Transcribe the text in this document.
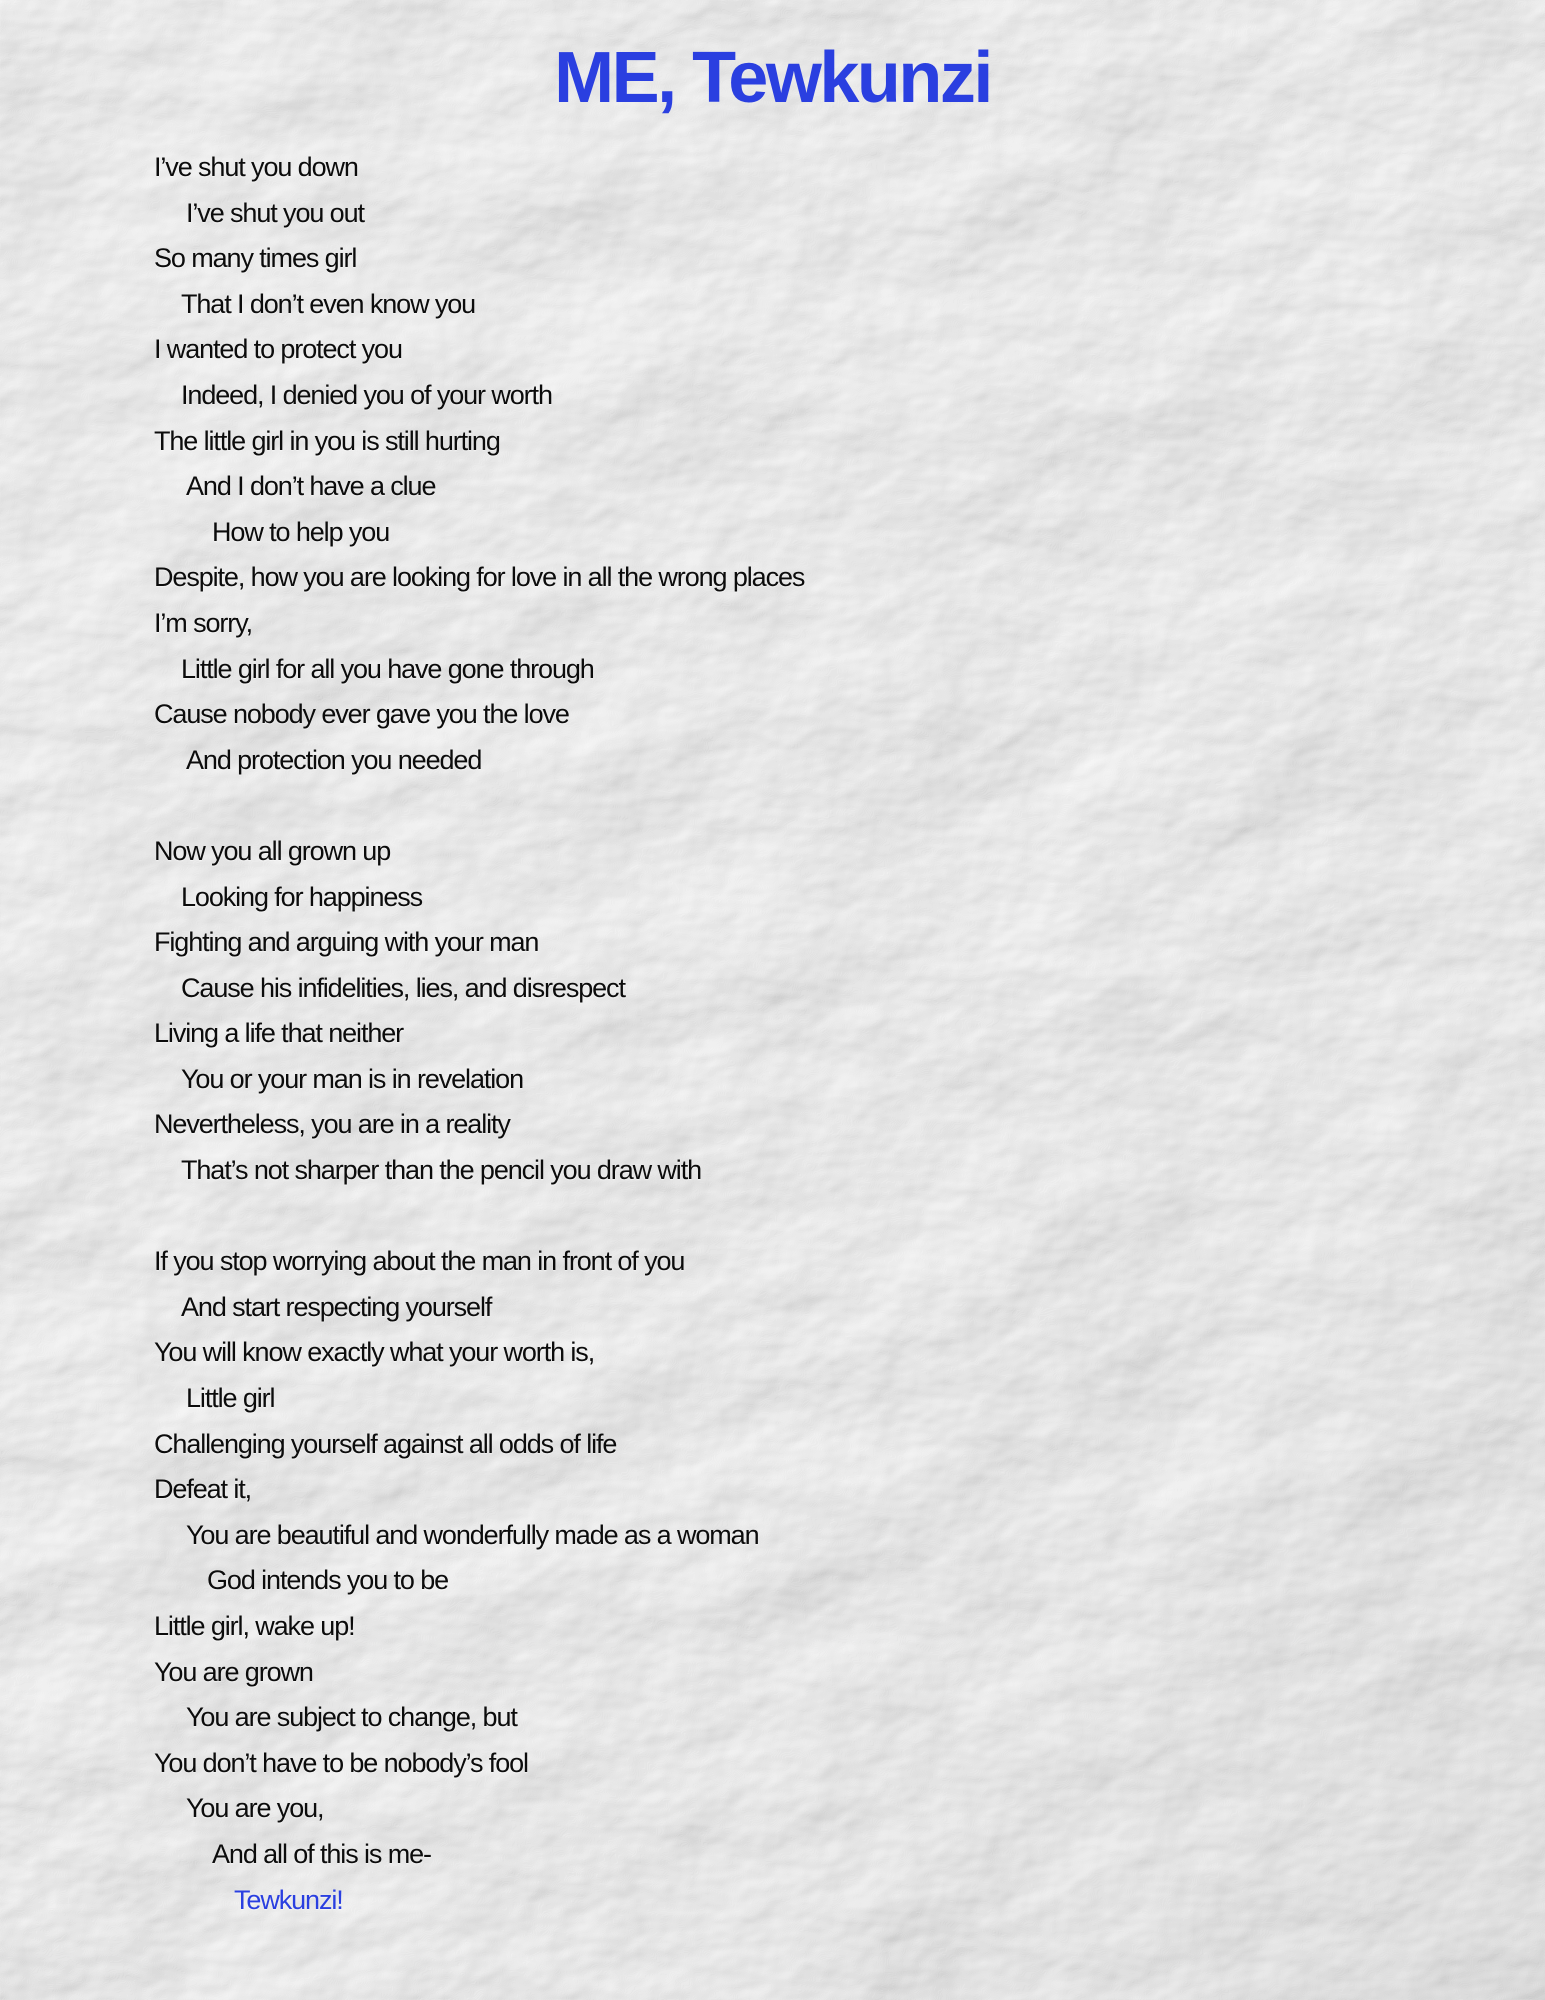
ME, Tewkunzi
I’ve shut you down
I’ve shut you out
So many times girl
That I don’t even know you
I wanted to protect you
Indeed, I denied you of your worth
The little girl in you is still hurting
And I don’t have a clue
How to help you
Despite, how you are looking for love in all the wrong places
I’m sorry,
Little girl for all you have gone through
Cause nobody ever gave you the love
And protection you needed
Now you all grown up
Looking for happiness
Fighting and arguing with your man
Cause his infidelities, lies, and disrespect
Living a life that neither
You or your man is in revelation
Nevertheless, you are in a reality
That’s not sharper than the pencil you draw with
If you stop worrying about the man in front of you
And start respecting yourself
You will know exactly what your worth is,
Little girl
Challenging yourself against all odds of life
Defeat it,
You are beautiful and wonderfully made as a woman
God intends you to be
Little girl, wake up!
You are grown
You are subject to change, but
You don’t have to be nobody’s fool
You are you,
And all of this is me-
Tewkunzi!
